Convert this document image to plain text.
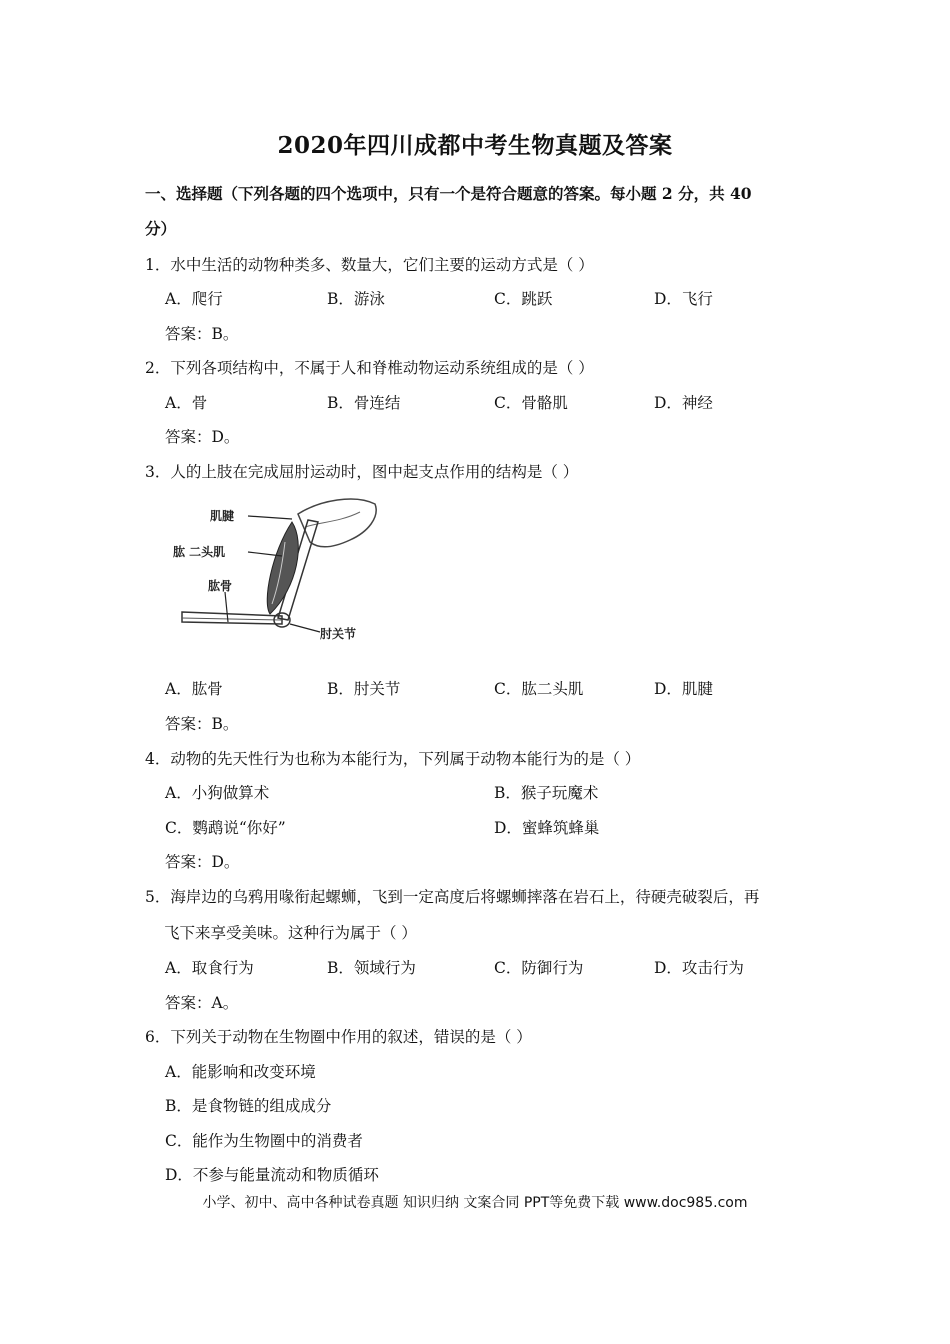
2020年四川成都中考生物真题及答案
一、选择题（下列各题的四个选项中，只有一个是符合题意的答案。每小题 2 分，共 40
分）
1．水中生活的动物种类多、数量大，它们主要的运动方式是（ ）
A．爬行	B．游泳	C．跳跃	D．飞行
答案：B。
2．下列各项结构中，不属于人和脊椎动物运动系统组成的是（ ）
A．骨	B．骨连结	C．骨骼肌	D．神经
答案：D。
3．人的上肢在完成屈肘运动时，图中起支点作用的结构是（ ）
肌腱
肱 二头肌
肱骨
肘关节
A．肱骨	B．肘关节	C．肱二头肌	D．肌腱
答案：B。
4．动物的先天性行为也称为本能行为，下列属于动物本能行为的是（ ）
A．小狗做算术	B．猴子玩魔术
C．鹦鹉说“你好”	D．蜜蜂筑蜂巢
答案：D。
5．海岸边的乌鸦用喙衔起螺蛳，飞到一定高度后将螺蛳摔落在岩石上，待硬壳破裂后，再
飞下来享受美味。这种行为属于（ ）
A．取食行为	B．领域行为	C．防御行为	D．攻击行为
答案：A。
6．下列关于动物在生物圈中作用的叙述，错误的是（ ）
A．能影响和改变环境
B．是食物链的组成成分
C．能作为生物圈中的消费者
D．不参与能量流动和物质循环
小学、初中、高中各种试卷真题 知识归纳 文案合同 PPT等免费下载 www.doc985.com
